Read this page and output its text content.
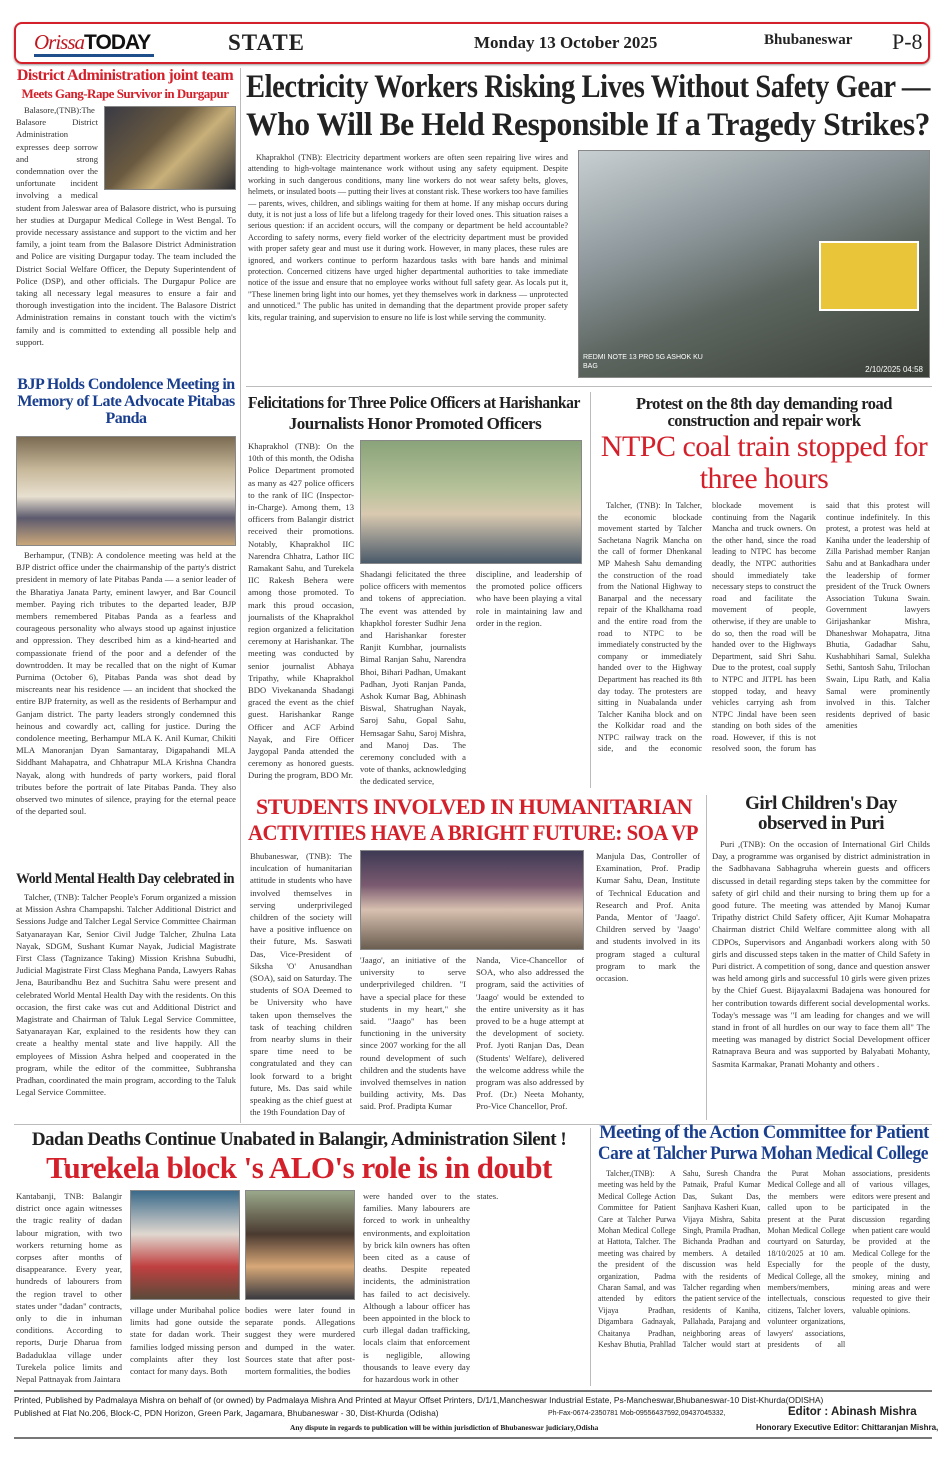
OrissaTODAY	STATE	Monday 13 October 2025	Bhubaneswar P-8
District Administration joint team
Meets Gang-Rape Survivor in Durgapur

Balasore,(TNB):The Balasore District Administration expresses deep sorrow and strong condemnation over the unfortunate incident involving a medical student from Jaleswar area of Balasore district, who is pursuing her studies at Durgapur Medical College in West Bengal. To provide necessary assistance and support to the victim and her family, a joint team from the Balasore District Administration and Police are visiting Durgapur today. The team included the District Social Welfare Officer, the Deputy Superintendent of Police (DSP), and other officials. The Durgapur Police are taking all necessary legal measures to ensure a fair and thorough investigation into the incident. The Balasore District Administration remains in constant touch with the victim's family and is committed to extending all possible help and support.

BJP Holds Condolence Meeting in Memory of Late Advocate Pitabas Panda

Berhampur, (TNB): A condolence meeting was held at the BJP district office under the chairmanship of the party's district president in memory of late Pitabas Panda — a senior leader of the Bharatiya Janata Party, eminent lawyer, and Bar Council member. Paying rich tributes to the departed leader, BJP members remembered Pitabas Panda as a fearless and courageous personality who always stood up against injustice and oppression. They described him as a kind-hearted and compassionate friend of the poor and a defender of the downtrodden. It may be recalled that on the night of Kumar Purnima (October 6), Pitabas Panda was shot dead by miscreants near his residence — an incident that shocked the entire BJP fraternity, as well as the residents of Berhampur and Ganjam district. The party leaders strongly condemned this heinous and cowardly act, calling for justice. During the condolence meeting, Berhampur MLA K. Anil Kumar, Chikiti MLA Manoranjan Dyan Samantaray, Digapahandi MLA Siddhant Mahapatra, and Chhatrapur MLA Krishna Chandra Nayak, along with hundreds of party workers, paid floral tributes before the portrait of late Pitabas Panda. They also observed two minutes of silence, praying for the eternal peace of the departed soul.

World Mental Health Day celebrated in

Talcher, (TNB): Talcher People's Forum organized a mission at Mission Ashra Champapshi. Talcher Additional District and Sessions Judge and Talcher Legal Service Committee Chairman Satyanarayan Kar, Senior Civil Judge Talcher, Zhulna Lata Nayak, SDGM, Sushant Kumar Nayak, Judicial Magistrate First Class (Tagnizance Taking) Mission Krishna Subudhi, Judicial Magistrate First Class Meghana Panda, Lawyers Rahas Jena, Bauribandhu Bez and Suchitra Sahu were present and celebrated World Mental Health Day with the residents. On this occasion, the first cake was cut and Additional District and Magistrate and Chairman of Taluk Legal Service Committee, Satyanarayan Kar, explained to the residents how they can create a healthy mental state and live happily. All the employees of Mission Ashra helped and cooperated in the program, while the editor of the committee, Subhransha Pradhan, coordinated the main program, according to the Taluk Legal Service Committee.

Electricity Workers Risking Lives Without Safety Gear —
Who Will Be Held Responsible If a Tragedy Strikes?

Khaprakhol (TNB): Electricity department workers are often seen repairing live wires and attending to high-voltage maintenance work without using any safety equipment. Despite working in such dangerous conditions, many line workers do not wear safety belts, gloves, helmets, or insulated boots — putting their lives at constant risk. These workers too have families — parents, wives, children, and siblings waiting for them at home. If any mishap occurs during duty, it is not just a loss of life but a lifelong tragedy for their loved ones. This situation raises a serious question: if an accident occurs, will the company or department be held accountable? According to safety norms, every field worker of the electricity department must be provided with proper safety gear and must use it during work. However, in many places, these rules are ignored, and workers continue to perform hazardous tasks with bare hands and minimal protection. Concerned citizens have urged higher departmental authorities to take immediate notice of the issue and ensure that no employee works without full safety gear. As locals put it, "These linemen bring light into our homes, yet they themselves work in darkness — unprotected and unnoticed." The public has united in demanding that the department provide proper safety kits, regular training, and supervision to ensure no life is lost while serving the community.

REDMI NOTE 13 PRO 5G ASHOK KU BAG	2/10/2025 04:58
Felicitations for Three Police Officers at Harishankar
Journalists Honor Promoted Officers
Khaprakhol (TNB): On the 10th of this month, the Odisha Police Department promoted as many as 427 police officers to the rank of IIC (Inspector-in-Charge). Among them, 13 officers from Balangir district received their promotions. Notably, Khaprakhol IIC Narendra Chhatra, Lathor IIC Ramakant Sahu, and Turekela IIC Rakesh Behera were among those promoted. To mark this proud occasion, journalists of the Khaprakhol region organized a felicitation ceremony at Harishankar. The meeting was conducted by senior journalist Abhaya Tripathy, while Khaprakhol BDO Vivekananda Shadangi graced the event as the chief guest. Harishankar Range Officer and ACF Arbind Nayak, and Fire Officer Jaygopal Panda attended the ceremony as honored guests. During the program, BDO Mr.
Shadangi felicitated the three police officers with mementos and tokens of appreciation. The event was attended by khapkhol forester Sudhir Jena and Harishankar forester Ranjit Kumbhar, journalists Bimal Ranjan Sahu, Narendra Bhoi, Bihari Padhan, Umakant Padhan, Jyoti Ranjan Panda, Ashok Kumar Bag, Abhinash Biswal, Shatrughan Nayak, Saroj Sahu, Gopal Sahu, Hemsagar Sahu, Saroj Mishra, and Manoj Das. The ceremony concluded with a vote of thanks, acknowledging the dedicated service,
discipline, and leadership of the promoted police officers who have been playing a vital role in maintaining law and order in the region.
Protest on the 8th day demanding road construction and repair work
NTPC coal train stopped for three hours

Talcher, (TNB): In Talcher, the economic blockade movement started by Talcher Sachetana Nagrik Mancha on the call of former Dhenkanal MP Mahesh Sahu demanding the construction of the road from the National Highway to Banarpal and the necessary repair of the Khalkhama road and the entire road from the road to NTPC to be immediately constructed by the company or immediately handed over to the Highway Department has reached its 8th day today. The protesters are sitting in Nuabalanda under Talcher Kaniha block and on the Kolkidar road and the NTPC railway track on the side, and the economic blockade movement is continuing from the Nagarik Mancha and truck owners. On the other hand, since the road leading to NTPC has become deadly, the NTPC authorities should immediately take necessary steps to construct the road and facilitate the movement of people, otherwise, if they are unable to do so, then the road will be handed over to the Highways Department, said Shri Sahu. Due to the protest, coal supply to NTPC and JITPL has been stopped today, and heavy vehicles carrying ash from NTPC Jindal have been seen standing on both sides of the road. However, if this is not resolved soon, the forum has said that this protest will continue indefinitely. In this protest, a protest was held at Kaniha under the leadership of Zilla Parishad member Ranjan Sahu and at Bankadhara under the leadership of former president of the Truck Owners Association Tukuna Swain. Government lawyers Girijashankar Mishra, Dhaneshwar Mohapatra, Jitna Bhutia, Gadadhar Sahu, Kushabhihari Samal, Sulekha Sethi, Santosh Sahu, Trilochan Swain, Lipu Rath, and Kalia Samal were prominently involved in this. Talcher residents deprived of basic amenities

STUDENTS INVOLVED IN HUMANITARIAN
ACTIVITIES HAVE A BRIGHT FUTURE: SOA VP
Bhubaneswar, (TNB): The inculcation of humanitarian attitude in students who have involved themselves in serving underprivileged children of the society will have a positive influence on their future, Ms. Saswati Das, Vice-President of Siksha 'O' Anusandhan (SOA), said on Saturday. The students of SOA Deemed to be University who have taken upon themselves the task of teaching children from nearby slums in their spare time need to be congratulated and they can look forward to a bright future, Ms. Das said while speaking as the chief guest at the 19th Foundation Day of
'Jaago', an initiative of the university to serve underprivileged children. "I have a special place for these students in my heart," she said. "Jaago" has been functioning in the university since 2007 working for the all round development of such children and the students have involved themselves in nation building activity, Ms. Das said. Prof. Pradipta Kumar
Nanda, Vice-Chancellor of SOA, who also addressed the program, said the activities of 'Jaago' would be extended to the entire university as it has proved to be a huge attempt at the development of society. Prof. Jyoti Ranjan Das, Dean (Students' Welfare), delivered the welcome address while the program was also addressed by Prof. (Dr.) Neeta Mohanty, Pro-Vice Chancellor, Prof.
Manjula Das, Controller of Examination, Prof. Pradip Kumar Sahu, Dean, Institute of Technical Education and Research and Prof. Anita Panda, Mentor of 'Jaago'. Children served by 'Jaago' and students involved in its program staged a cultural program to mark the occasion.
Girl Children's Day observed in Puri

Puri ,(TNB): On the occasion of International Girl Childs Day, a programme was organised by district administration in the Sadbhavana Sabhagruha wherein guests and officers discussed in detail regarding steps taken by the committee for safety of girl child and their nursing to bring them up for a good future. The meeting was attended by Manoj Kumar Tripathy district Child Safety officer, Ajit Kumar Mohapatra Chairman district Child Welfare committee along with all CDPOs, Supervisors and Anganbadi workers along with 50 girls and discussed steps taken in the matter of Child Safety in Puri district. A competition of song, dance and question answer was held among girls and successful 10 girls were given prizes by the Chief Guest. Bijayalaxmi Badajena was honoured for her contribution towards different social developmental works. Today's message was "I am leading for changes and we will stand in front of all hurdles on our way to face them all" The meeting was managed by district Social Development officer Ratnaprava Beura and was supported by Balyabati Mohanty, Sasmita Karmakar, Pranati Mohanty and others .

Dadan Deaths Continue Unabated in Balangir, Administration Silent !
Turekela block 's ALO's role is in doubt
Kantabanji, TNB: Balangir district once again witnesses the tragic reality of dadan labour migration, with two workers returning home as corpses after months of disappearance. Every year, hundreds of labourers from the region travel to other states under "dadan" contracts, only to die in inhuman conditions. According to reports, Durje Dharua from Badaduklaa village under Turekela police limits and Nepal Pattnayak from Jaintara
village under Muribahal police limits had gone outside the state for dadan work. Their families lodged missing person complaints after they lost contact for many days. Both
bodies were later found in separate ponds. Allegations suggest they were murdered and dumped in the water. Sources state that after post-mortem formalities, the bodies
were handed over to the families. Many labourers are forced to work in unhealthy environments, and exploitation by brick kiln owners has often been cited as a cause of deaths. Despite repeated incidents, the administration has failed to act decisively. Although a labour officer has been appointed in the block to curb illegal dadan trafficking, locals claim that enforcement is negligible, allowing thousands to leave every day for hazardous work in other
states.
Meeting of the Action Committee for Patient
Care at Talcher Purwa Mohan Medical College

Talcher,(TNB): A meeting was held by the Medical College Action Committee for Patient Care at Talcher Purwa Mohan Medical College at Hattota, Talcher. The meeting was chaired by the president of the organization, Padma Charan Samal, and was attended by editors Vijaya Pradhan, Digambara Gadnayak, Chaitanya Pradhan, Keshav Bhutia, Prahllad Sahu, Suresh Chandra Patnaik, Praful Kumar Das, Sukant Das, Sanjhava Kasheri Kuan, Vijaya Mishra, Sabita Singh, Pramila Pradhan, Bichanda Pradhan and members. A detailed discussion was held with the residents of Talcher regarding when the patient service of the residents of Kaniha, Pallahada, Parajang and neighboring areas of Talcher would start at the Purat Mohan Medical College and all the members were called upon to be present at the Purat Mohan Medical College courtyard on Saturday, 18/10/2025 at 10 am. Especially for the Medical College, all the members/members, intellectuals, conscious citizens, Talcher lovers, volunteer organizations, lawyers' associations, presidents of all associations, presidents of various villages, editors were present and participated in the discussion regarding when patient care would be provided at the Medical College for the people of the dusty, smokey, mining and mining areas and were requested to give their valuable opinions.

Printed, Published by Padmalaya Mishra on behalf of (or owned) by Padmalaya Mishra And Printed at Mayur Offset Printers, D/1/1,Mancheswar Industrial Estate, Ps-Mancheswar,Bhubaneswar-10 Dist-Khurda(ODISHA)
Published at Flat No.206, Block-C, PDN Horizon, Green Park, Jagamara, Bhubaneswar - 30, Dist-Khurda (Odisha)	Ph-Fax-0674-2350781 Mob-09556437592,09437045332,	Editor : Abinash Mishra
Any dispute in regards to publication will be within jurisdiction of Bhubaneswar judiciary,Odisha	Honorary Executive Editor: Chittaranjan Mishra,
